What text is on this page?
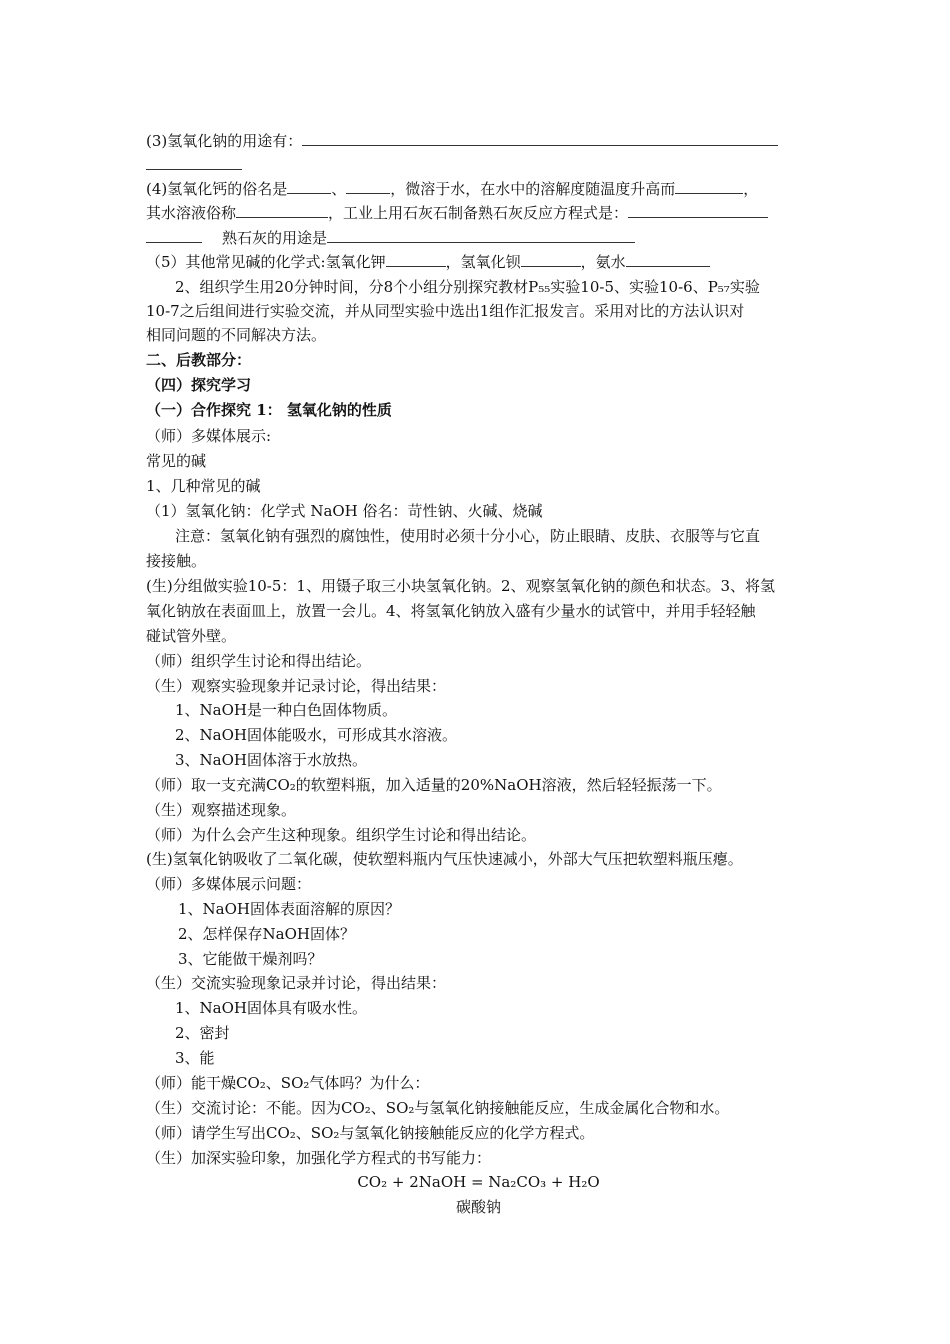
(3)氢氧化钠的用途有：
(4)氢氧化钙的俗名是	、	，微溶于水，在水中的溶解度随温度升高而	，
其水溶液俗称	，工业上用石灰石制备熟石灰反应方程式是：
熟石灰的用途是
（5）其他常见碱的化学式:氢氧化钾	，氢氧化钡	，氨水
2、组织学生用20分钟时间，分8个小组分别探究教材P₅₅实验10-5、实验10-6、P₅₇实验
10-7之后组间进行实验交流，并从同型实验中选出1组作汇报发言。采用对比的方法认识对
相同问题的不同解决方法。
二、后教部分：
（四）探究学习
（一）合作探究 1： 氢氧化钠的性质
（师）多媒体展示:
常见的碱
1、几种常见的碱
（1）氢氧化钠：化学式 NaOH 俗名：苛性钠、火碱、烧碱
注意：氢氧化钠有强烈的腐蚀性，使用时必须十分小心，防止眼睛、皮肤、衣服等与它直
接接触。
(生)分组做实验10-5：1、用镊子取三小块氢氧化钠。2、观察氢氧化钠的颜色和状态。3、将氢
氧化钠放在表面皿上，放置一会儿。4、将氢氧化钠放入盛有少量水的试管中，并用手轻轻触
碰试管外壁。
（师）组织学生讨论和得出结论。
（生）观察实验现象并记录讨论，得出结果：
1、NaOH是一种白色固体物质。
2、NaOH固体能吸水，可形成其水溶液。
3、NaOH固体溶于水放热。
（师）取一支充满CO₂的软塑料瓶，加入适量的20%NaOH溶液，然后轻轻振荡一下。
（生）观察描述现象。
（师）为什么会产生这种现象。组织学生讨论和得出结论。
(生)氢氧化钠吸收了二氧化碳，使软塑料瓶内气压快速减小，外部大气压把软塑料瓶压瘪。
（师）多媒体展示问题：
1、NaOH固体表面溶解的原因？
2、怎样保存NaOH固体？
3、它能做干燥剂吗？
（生）交流实验现象记录并讨论，得出结果：
1、NaOH固体具有吸水性。
2、密封
3、能
（师）能干燥CO₂、SO₂气体吗？为什么：
（生）交流讨论：不能。因为CO₂、SO₂与氢氧化钠接触能反应，生成金属化合物和水。
（师）请学生写出CO₂、SO₂与氢氧化钠接触能反应的化学方程式。
（生）加深实验印象，加强化学方程式的书写能力：
CO₂ + 2NaOH = Na₂CO₃ + H₂O
碳酸钠
